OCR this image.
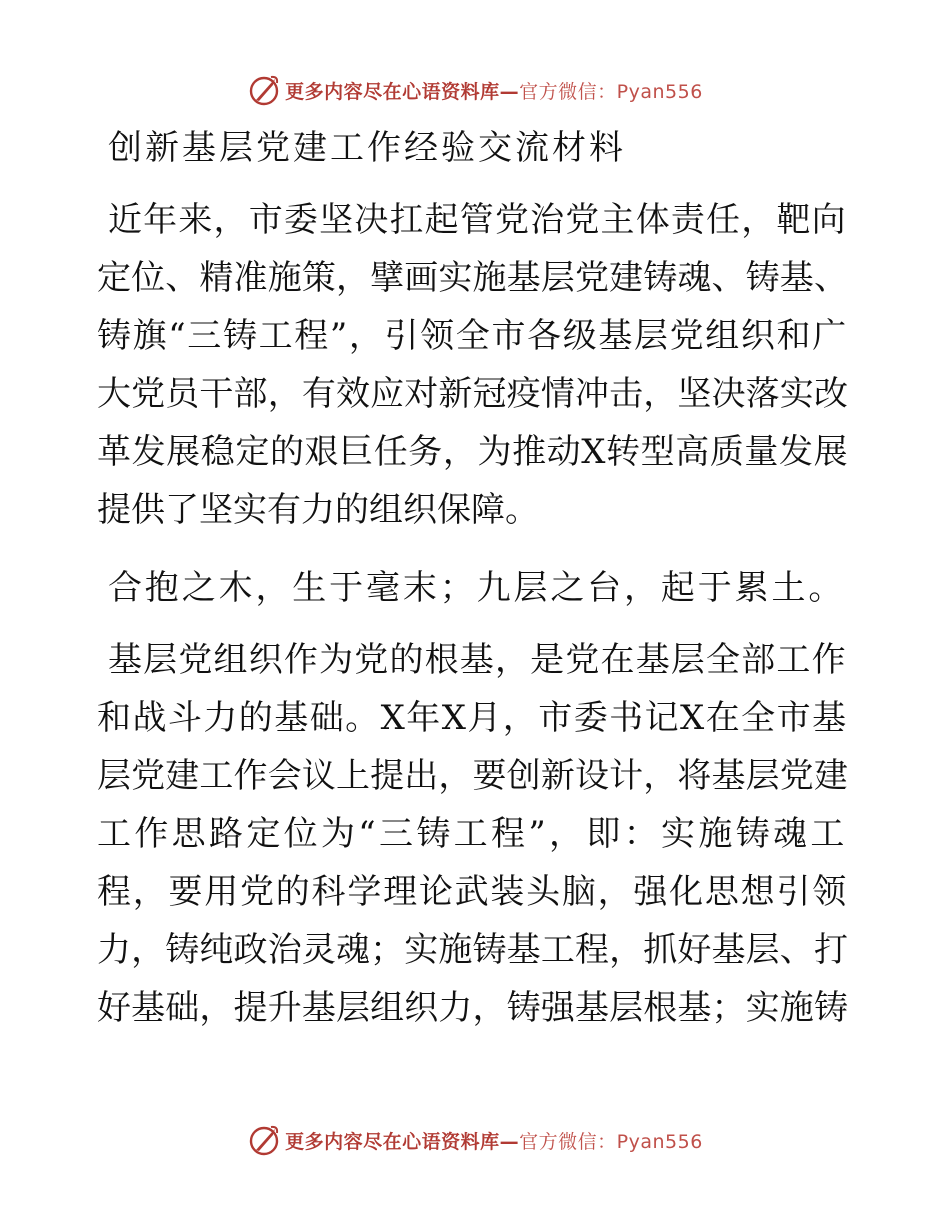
更多内容尽在心语资料库—官方微信：Pyan556
创新基层党建工作经验交流材料
近年来，市委坚决扛起管党治党主体责任，靶向
定位、精准施策，擘画实施基层党建铸魂、铸基、
铸旗“三铸工程”，引领全市各级基层党组织和广
大党员干部，有效应对新冠疫情冲击，坚决落实改
革发展稳定的艰巨任务，为推动X转型高质量发展
提供了坚实有力的组织保障。
合抱之木，生于毫末；九层之台，起于累土。
基层党组织作为党的根基，是党在基层全部工作
和战斗力的基础。X年X月，市委书记X在全市基
层党建工作会议上提出，要创新设计，将基层党建
工作思路定位为“三铸工程”，即：实施铸魂工
程，要用党的科学理论武装头脑，强化思想引领
力，铸纯政治灵魂；实施铸基工程，抓好基层、打
好基础，提升基层组织力，铸强基层根基；实施铸
更多内容尽在心语资料库—官方微信：Pyan556
